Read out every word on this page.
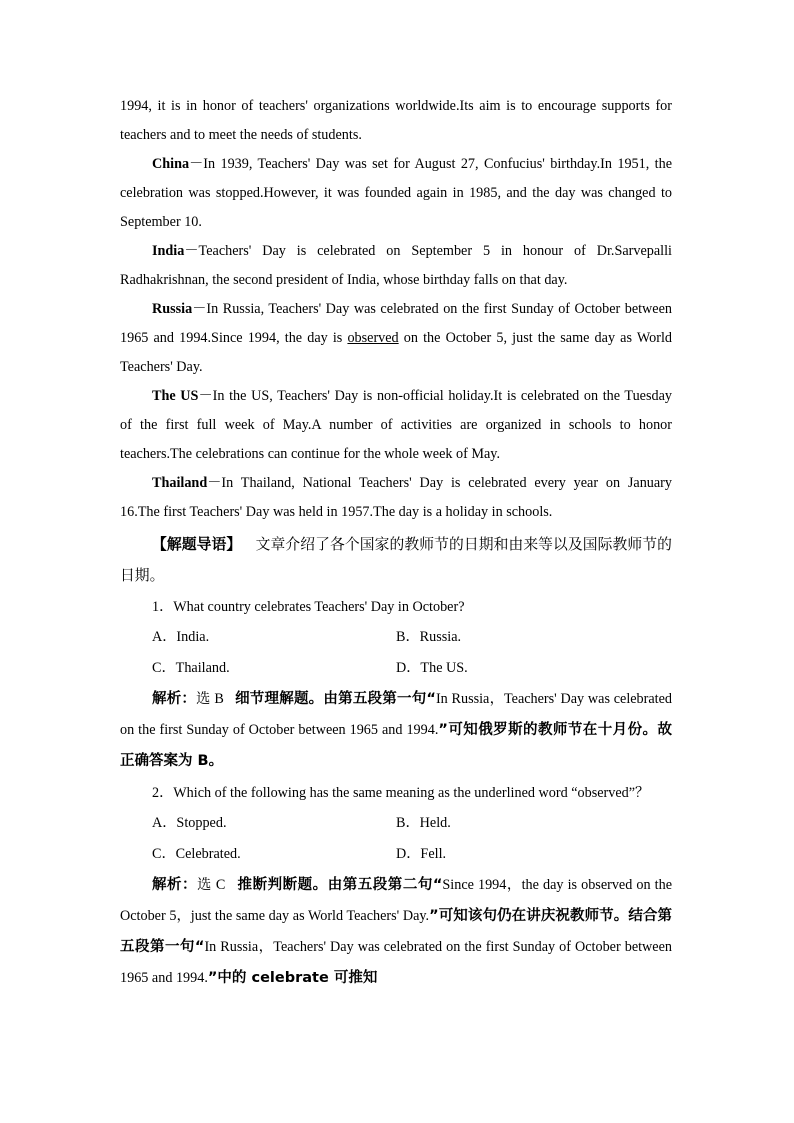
1994, it is in honor of teachers' organizations worldwide.Its aim is to encourage supports for teachers and to meet the needs of students.

China－In 1939, Teachers' Day was set for August 27, Confucius' birthday.In 1951, the celebration was stopped.However, it was founded again in 1985, and the day was changed to September 10.

India－Teachers' Day is celebrated on September 5 in honour of Dr.Sarvepalli Radhakrishnan, the second president of India, whose birthday falls on that day.

Russia－In Russia, Teachers' Day was celebrated on the first Sunday of October between 1965 and 1994.Since 1994, the day is observed on the October 5, just the same day as World Teachers' Day.

The US－In the US, Teachers' Day is non-official holiday.It is celebrated on the Tuesday of the first full week of May.A number of activities are organized in schools to honor teachers.The celebrations can continue for the whole week of May.

Thailand－In Thailand, National Teachers' Day is celebrated every year on January 16.The first Teachers' Day was held in 1957.The day is a holiday in schools.

【解题导语】 文章介绍了各个国家的教师节的日期和由来等以及国际教师节的日期。

1．What country celebrates Teachers' Day in October?

A．India.	B．Russia.
C．Thailand.	D．The US.

解析：选 B 细节理解题。由第五段第一句“In Russia，Teachers' Day was celebrated on the first Sunday of October between 1965 and 1994.”可知俄罗斯的教师节在十月份。故正确答案为 B。

2．Which of the following has the same meaning as the underlined word “observed”？

A．Stopped.	B．Held.
C．Celebrated.	D．Fell.

解析：选 C 推断判断题。由第五段第二句“Since 1994，the day is observed on the October 5，just the same day as World Teachers' Day.”可知该句仍在讲庆祝教师节。结合第五段第一句“In Russia，Teachers' Day was celebrated on the first Sunday of October between 1965 and 1994.”中的 celebrate 可推知
